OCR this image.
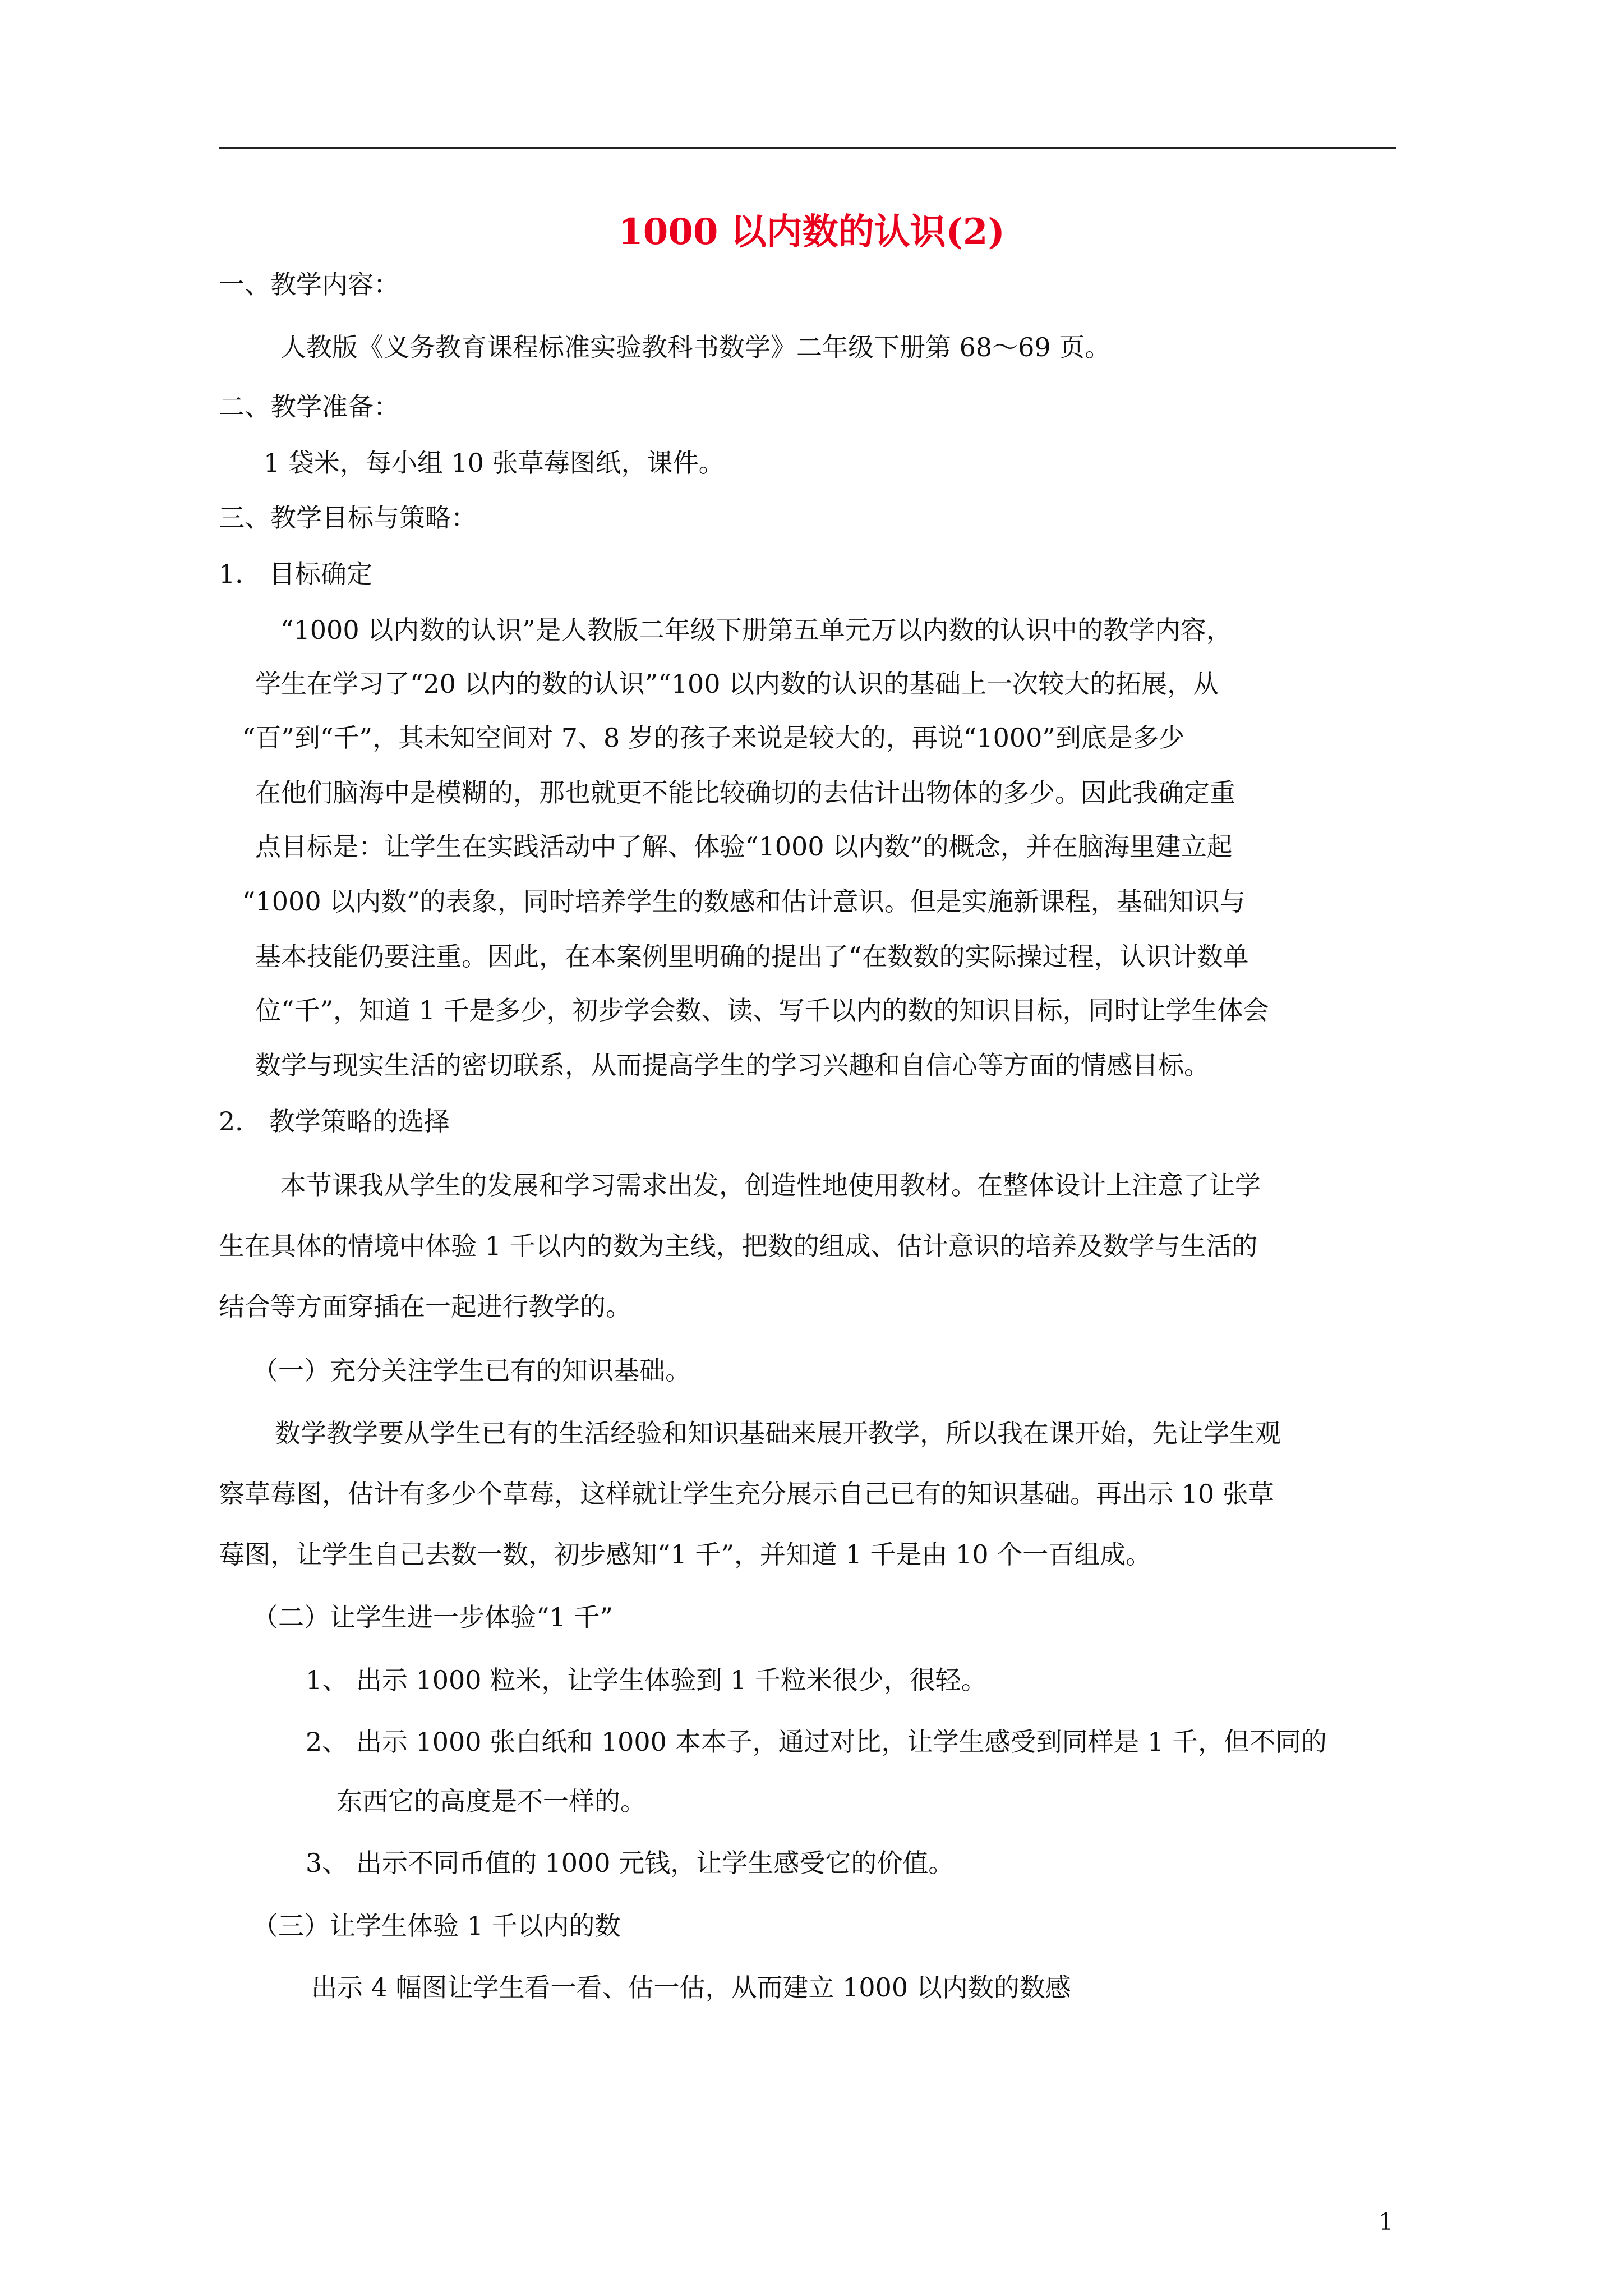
1000 以内数的认识(2)
一、教学内容：
人教版《义务教育课程标准实验教科书数学》二年级下册第 68～69 页。
二、教学准备：
1 袋米，每小组 10 张草莓图纸，课件。
三、教学目标与策略：
1． 目标确定
“1000 以内数的认识”是人教版二年级下册第五单元万以内数的认识中的教学内容，
学生在学习了“20 以内的数的认识”“100 以内数的认识的基础上一次较大的拓展，从
“百”到“千”，其未知空间对 7、8 岁的孩子来说是较大的，再说“1000”到底是多少
在他们脑海中是模糊的，那也就更不能比较确切的去估计出物体的多少。因此我确定重
点目标是：让学生在实践活动中了解、体验“1000 以内数”的概念，并在脑海里建立起
“1000 以内数”的表象，同时培养学生的数感和估计意识。但是实施新课程，基础知识与
基本技能仍要注重。因此，在本案例里明确的提出了“在数数的实际操过程，认识计数单
位“千”，知道 1 千是多少，初步学会数、读、写千以内的数的知识目标，同时让学生体会
数学与现实生活的密切联系，从而提高学生的学习兴趣和自信心等方面的情感目标。
2． 教学策略的选择
本节课我从学生的发展和学习需求出发，创造性地使用教材。在整体设计上注意了让学
生在具体的情境中体验 1 千以内的数为主线，把数的组成、估计意识的培养及数学与生活的
结合等方面穿插在一起进行教学的。
（一）充分关注学生已有的知识基础。
数学教学要从学生已有的生活经验和知识基础来展开教学，所以我在课开始，先让学生观
察草莓图，估计有多少个草莓，这样就让学生充分展示自己已有的知识基础。再出示 10 张草
莓图，让学生自己去数一数，初步感知“1 千”，并知道 1 千是由 10 个一百组成。
（二）让学生进一步体验“1 千”
1、 出示 1000 粒米，让学生体验到 1 千粒米很少，很轻。
2、 出示 1000 张白纸和 1000 本本子，通过对比，让学生感受到同样是 1 千，但不同的
东西它的高度是不一样的。
3、 出示不同币值的 1000 元钱，让学生感受它的价值。
（三）让学生体验 1 千以内的数
出示 4 幅图让学生看一看、估一估，从而建立 1000 以内数的数感
1
